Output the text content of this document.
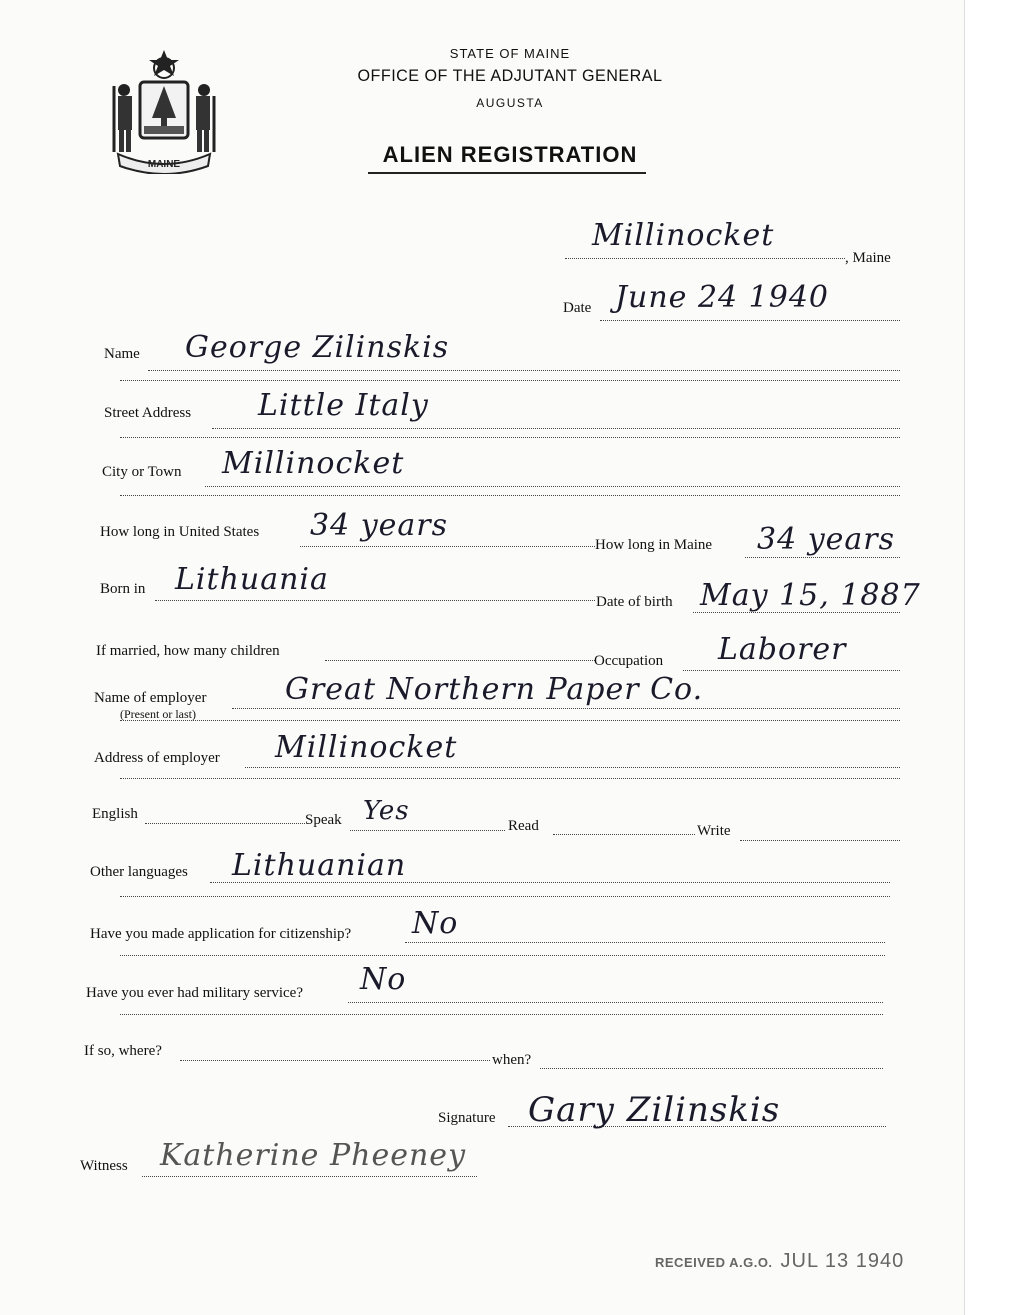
MAINE
STATE OF MAINE
OFFICE OF THE ADJUTANT GENERAL
AUGUSTA
ALIEN REGISTRATION
Millinocket
, Maine
Date June 24 1940
Name George Zilinskis
Street Address Little Italy
City or Town Millinocket
How long in United States 34 years
How long in Maine 34 years
Born in Lithuania
Date of birth May 15, 1887
If married, how many children
Occupation Laborer
Name of employer
(Present or last)
Great Northern Paper Co.
Address of employer Millinocket
English	Speak Yes	Read	Write
Other languages Lithuanian
Have you made application for citizenship? No
Have you ever had military service? No
If so, where?
when?
Signature Gary Zilinskis
Witness Katherine Pheeney
RECEIVED A.G.O. JUL 13 1940
